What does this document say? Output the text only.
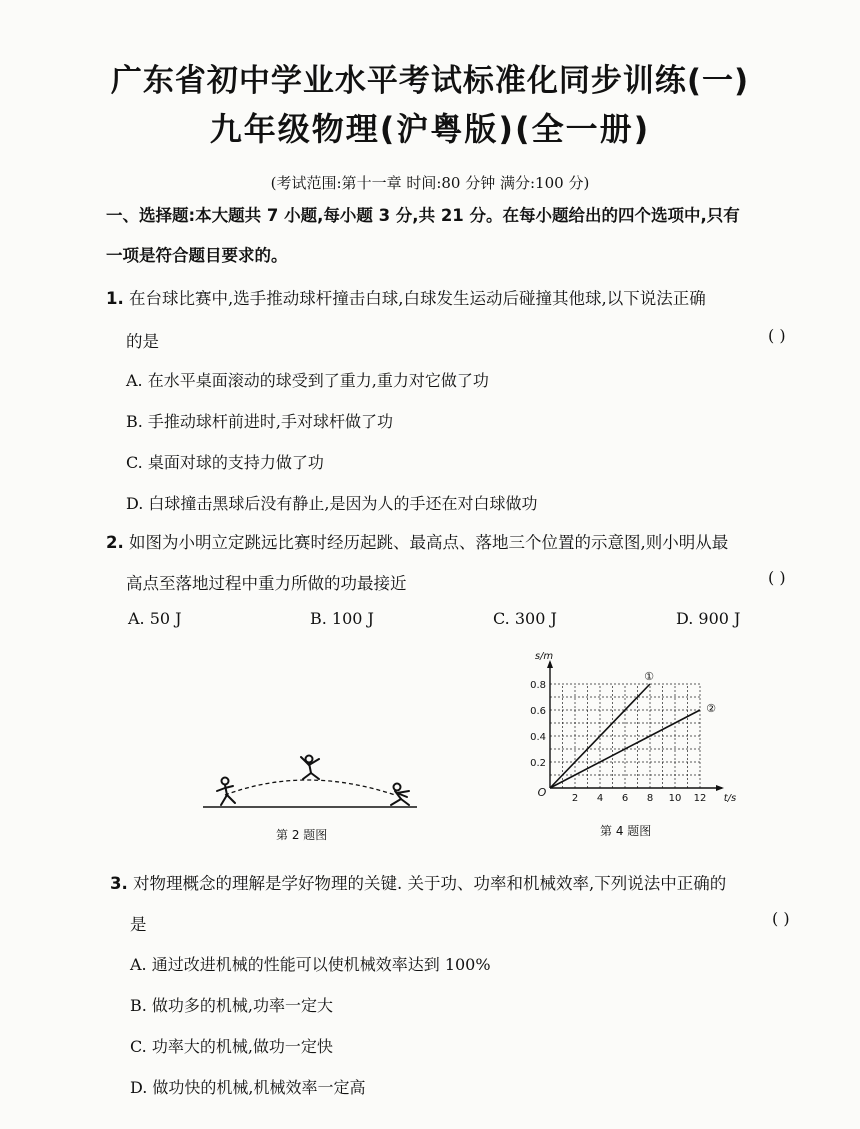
广东省初中学业水平考试标准化同步训练(一)
九年级物理(沪粤版)(全一册)
(考试范围:第十一章 时间:80 分钟 满分:100 分)
一、选择题:本大题共 7 小题,每小题 3 分,共 21 分。在每小题给出的四个选项中,只有
一项是符合题目要求的。
1. 在台球比赛中,选手推动球杆撞击白球,白球发生运动后碰撞其他球,以下说法正确
的是	( )
A. 在水平桌面滚动的球受到了重力,重力对它做了功
B. 手推动球杆前进时,手对球杆做了功
C. 桌面对球的支持力做了功
D. 白球撞击黑球后没有静止,是因为人的手还在对白球做功
2. 如图为小明立定跳远比赛时经历起跳、最高点、落地三个位置的示意图,则小明从最
高点至落地过程中重力所做的功最接近	( )
A. 50 J	B. 100 J	C. 300 J	D. 900 J
第 2 题图
2 4 6 8 10 12
0.2
0.4
0.6
0.8
O
s/m
t/s
①
②
第 4 题图
3. 对物理概念的理解是学好物理的关键. 关于功、功率和机械效率,下列说法中正确的
是	( )
A. 通过改进机械的性能可以使机械效率达到 100%
B. 做功多的机械,功率一定大
C. 功率大的机械,做功一定快
D. 做功快的机械,机械效率一定高
